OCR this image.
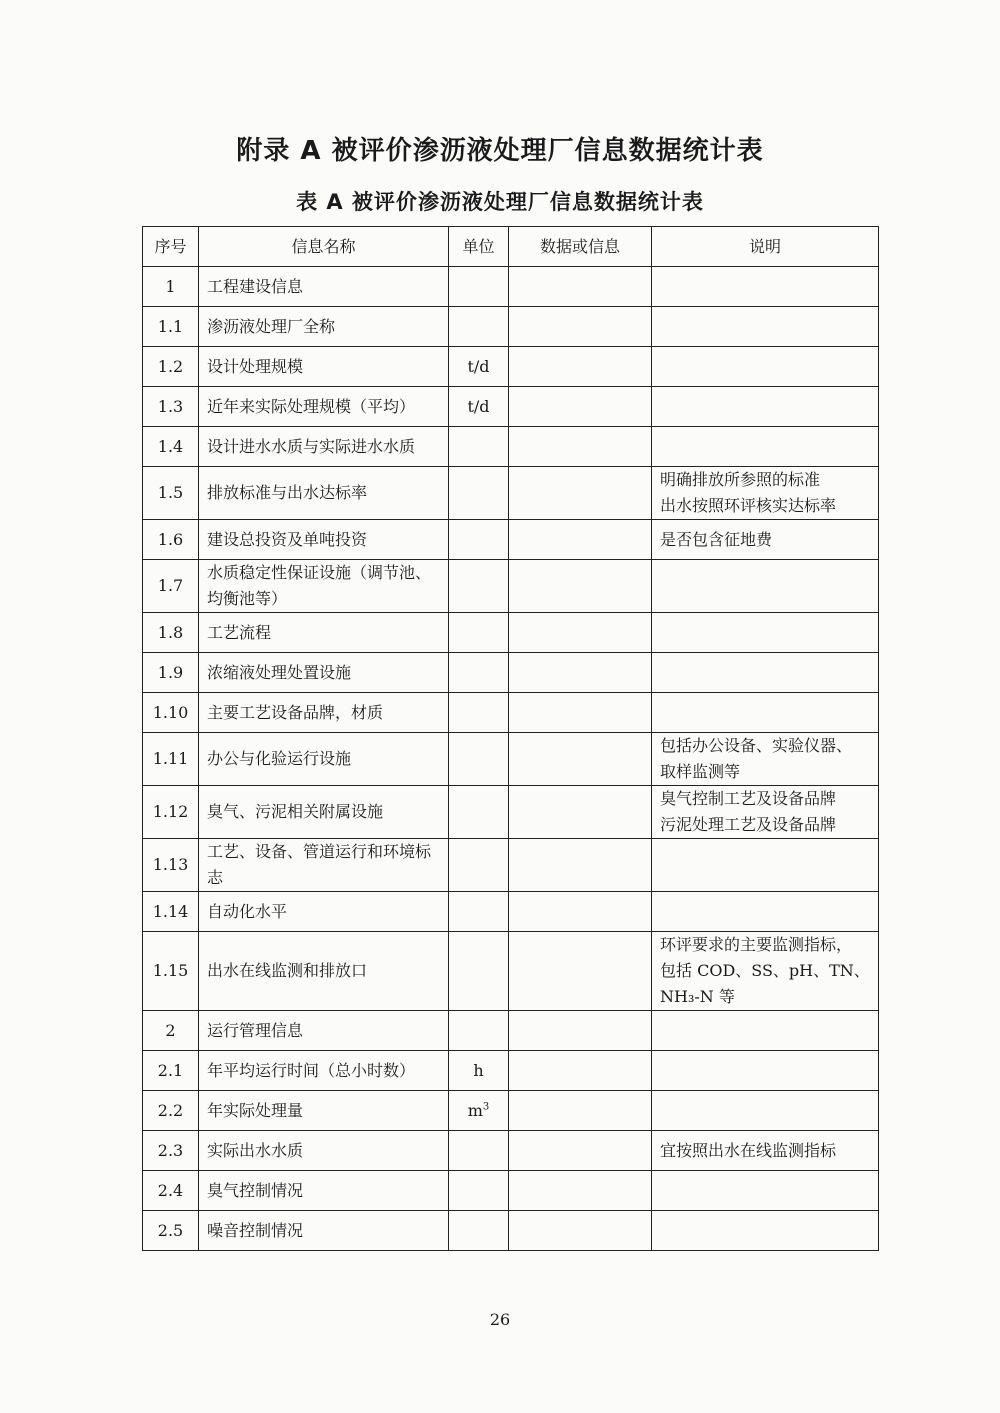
附录 A 被评价渗沥液处理厂信息数据统计表
表 A 被评价渗沥液处理厂信息数据统计表
序号	信息名称	单位	数据或信息	说明
1	工程建设信息			
1.1	渗沥液处理厂全称			
1.2	设计处理规模	t/d		
1.3	近年来实际处理规模（平均）	t/d		
1.4	设计进水水质与实际进水水质			
1.5	排放标准与出水达标率			明确排放所参照的标准
出水按照环评核实达标率

1.6	建设总投资及单吨投资			是否包含征地费

1.7	水质稳定性保证设施（调节池、均衡池等）			
1.8	工艺流程			
1.9	浓缩液处理处置设施			
1.10	主要工艺设备品牌，材质			
1.11	办公与化验运行设施			包括办公设备、实验仪器、
取样监测等

1.12	臭气、污泥相关附属设施			臭气控制工艺及设备品牌
污泥处理工艺及设备品牌

1.13	工艺、设备、管道运行和环境标志			
1.14	自动化水平			
1.15	出水在线监测和排放口			环评要求的主要监测指标，
包括 COD、SS、pH、TN、
NH₃-N 等

2	运行管理信息			
2.1	年平均运行时间（总小时数）	h		
2.2	年实际处理量	$m^3$		
2.3	实际出水水质			宜按照出水在线监测指标

2.4	臭气控制情况			
2.5	噪音控制情况			
26
